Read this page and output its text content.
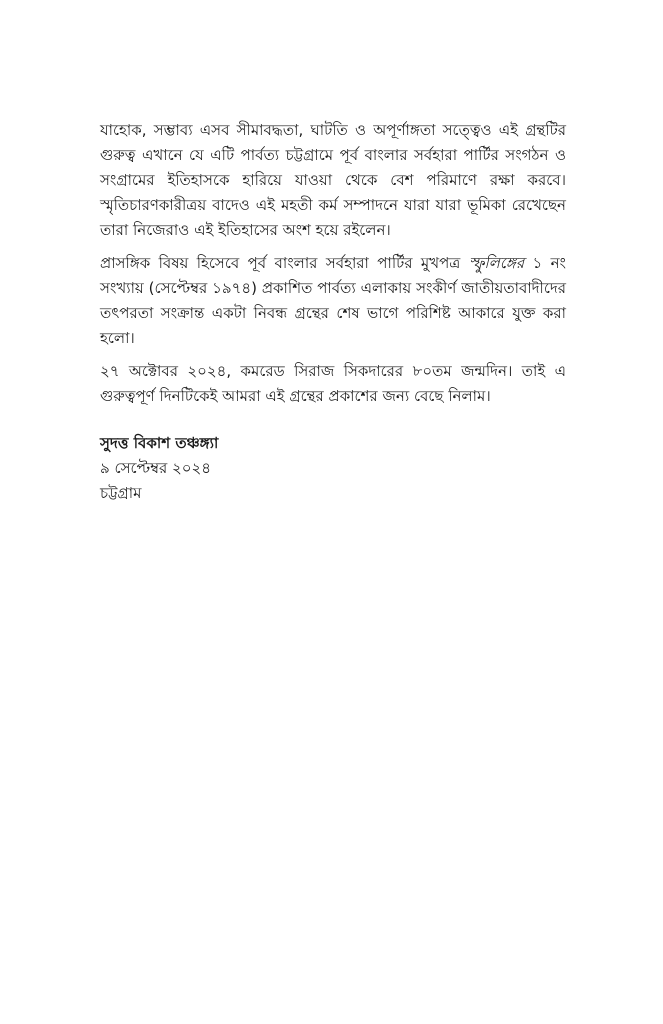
যাহোক, সম্ভাব্য এসব সীমাবদ্ধতা, ঘাটতি ও অপূর্ণাঙ্গতা সত্ত্বেও এই গ্রন্থটির গুরুত্ব এখানে যে এটি পার্বত্য চট্টগ্রামে পূর্ব বাংলার সর্বহারা পার্টির সংগঠন ও সংগ্রামের ইতিহাসকে হারিয়ে যাওয়া থেকে বেশ পরিমাণে রক্ষা করবে। স্মৃতিচারণকারীত্রয় বাদেও এই মহতী কর্ম সম্পাদনে যারা যারা ভূমিকা রেখেছেন তারা নিজেরাও এই ইতিহাসের অংশ হয়ে রইলেন।

প্রাসঙ্গিক বিষয় হিসেবে পূর্ব বাংলার সর্বহারা পার্টির মুখপত্র স্ফুলিঙ্গের ১ নং সংখ্যায় (সেপ্টেম্বর ১৯৭৪) প্রকাশিত পার্বত্য এলাকায় সংকীর্ণ জাতীয়তাবাদীদের তৎপরতা সংক্রান্ত একটা নিবন্ধ গ্রন্থের শেষ ভাগে পরিশিষ্ট আকারে যুক্ত করা হলো।

২৭ অক্টোবর ২০২৪, কমরেড সিরাজ সিকদারের ৮০তম জন্মদিন। তাই এ গুরুত্বপূর্ণ দিনটিকেই আমরা এই গ্রন্থের প্রকাশের জন্য বেছে নিলাম।

সুদত্ত বিকাশ তঞ্চঙ্গ্যা
৯ সেপ্টেম্বর ২০২৪
চট্টগ্রাম
